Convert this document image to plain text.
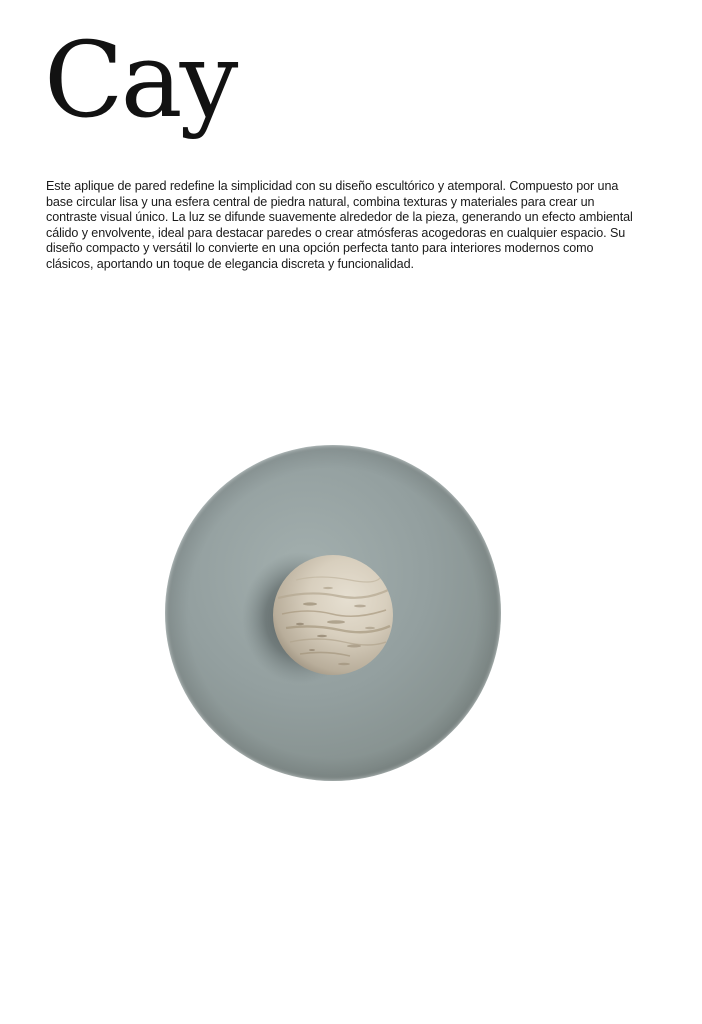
Cay

Este aplique de pared redefine la simplicidad con su diseño escultórico y atemporal. Compuesto por una base circular lisa y una esfera central de piedra natural, combina texturas y materiales para crear un contraste visual único. La luz se difunde suavemente alrededor de la pieza, generando un efecto ambiental cálido y envolvente, ideal para destacar paredes o crear atmósferas acogedoras en cualquier espacio. Su diseño compacto y versátil lo convierte en una opción perfecta tanto para interiores modernos como clásicos, aportando un toque de elegancia discreta y funcionalidad.
